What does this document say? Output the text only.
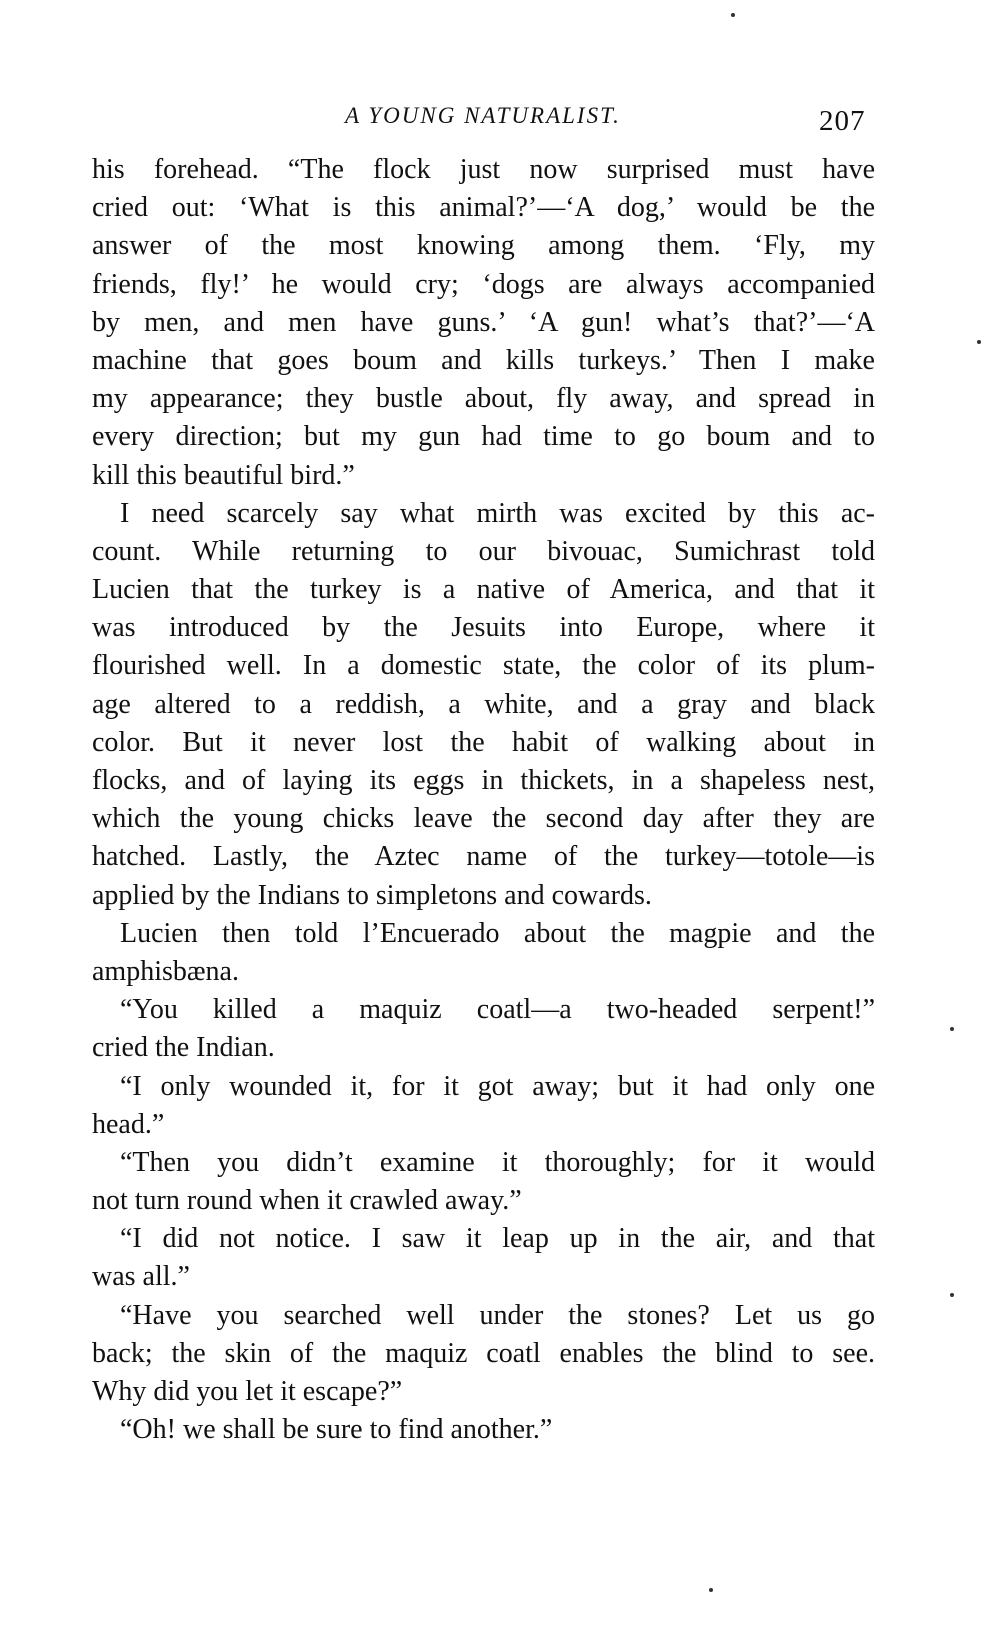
A YOUNG NATURALIST.	207
his forehead. “The flock just now surprised must have
cried out: ‘What is this animal?’—‘A dog,’ would be the
answer of the most knowing among them. ‘Fly, my
friends, fly!’ he would cry; ‘dogs are always accompanied
by men, and men have guns.’ ‘A gun! what’s that?’—‘A
machine that goes boum and kills turkeys.’ Then I make
my appearance; they bustle about, fly away, and spread in
every direction; but my gun had time to go boum and to
kill this beautiful bird.”
I need scarcely say what mirth was excited by this ac-
count. While returning to our bivouac, Sumichrast told
Lucien that the turkey is a native of America, and that it
was introduced by the Jesuits into Europe, where it
flourished well. In a domestic state, the color of its plum-
age altered to a reddish, a white, and a gray and black
color. But it never lost the habit of walking about in
flocks, and of laying its eggs in thickets, in a shapeless nest,
which the young chicks leave the second day after they are
hatched. Lastly, the Aztec name of the turkey—totole—is
applied by the Indians to simpletons and cowards.
Lucien then told l’Encuerado about the magpie and the
amphisbæna.
“You killed a maquiz coatl—a two-headed serpent!”
cried the Indian.
“I only wounded it, for it got away; but it had only one
head.”
“Then you didn’t examine it thoroughly; for it would
not turn round when it crawled away.”
“I did not notice. I saw it leap up in the air, and that
was all.”
“Have you searched well under the stones? Let us go
back; the skin of the maquiz coatl enables the blind to see.
Why did you let it escape?”
“Oh! we shall be sure to find another.”
